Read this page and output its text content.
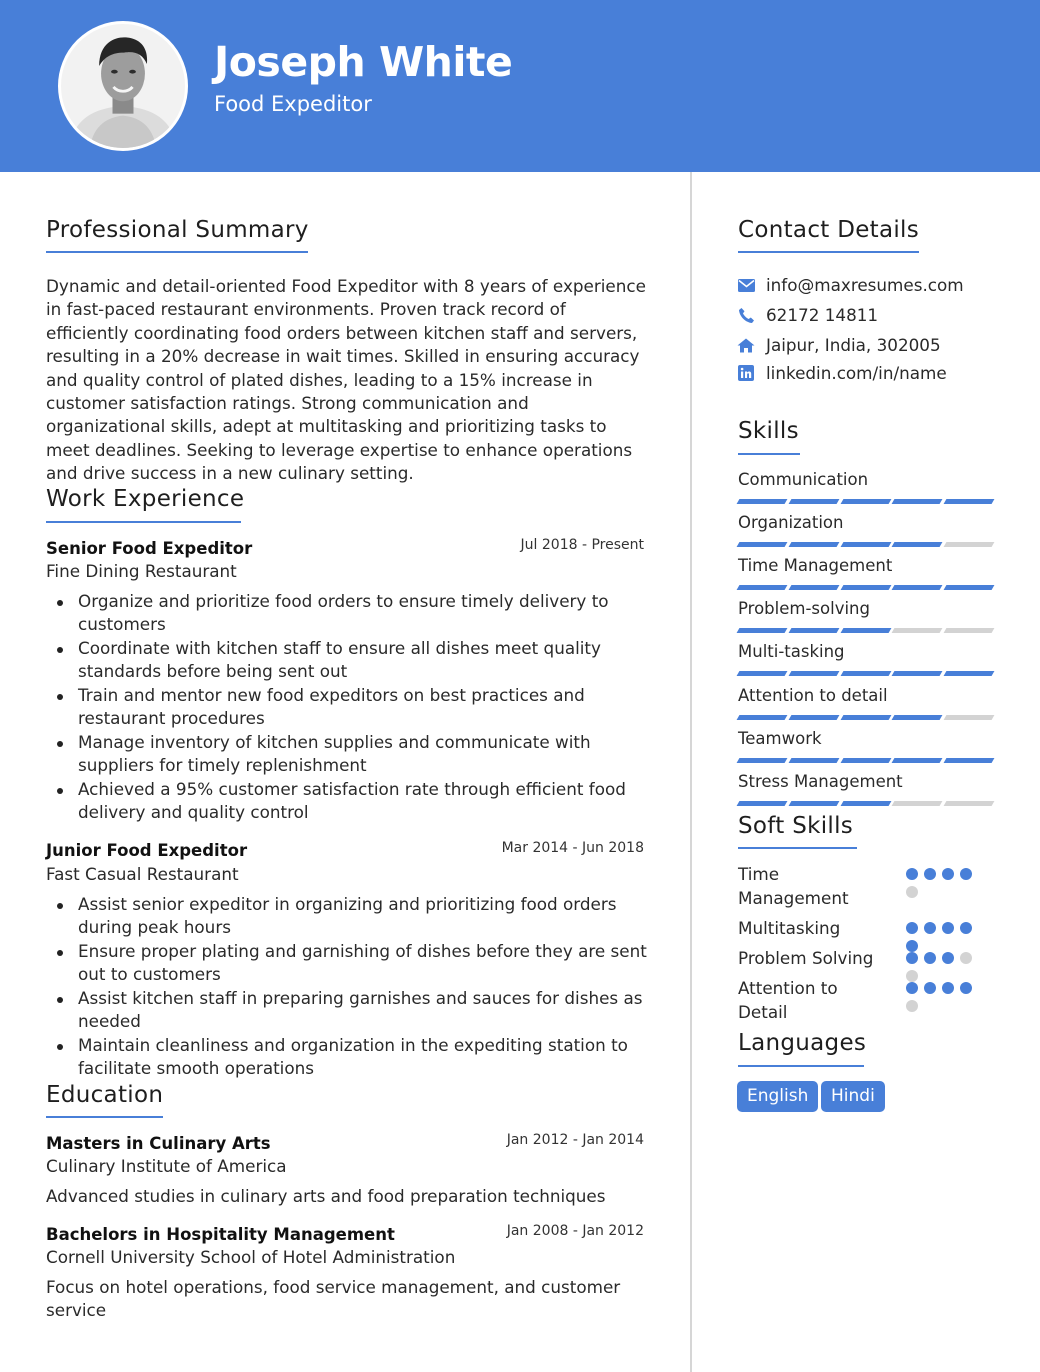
Joseph White
Food Expeditor
Professional Summary
Dynamic and detail-oriented Food Expeditor with 8 years of experience in fast-paced restaurant environments. Proven track record of efficiently coordinating food orders between kitchen staff and servers, resulting in a 20% decrease in wait times. Skilled in ensuring accuracy and quality control of plated dishes, leading to a 15% increase in customer satisfaction ratings. Strong communication and organizational skills, adept at multitasking and prioritizing tasks to meet deadlines. Seeking to leverage expertise to enhance operations and drive success in a new culinary setting.
Work Experience
Senior Food Expeditor	Jul 2018 - Present
Fine Dining Restaurant
Organize and prioritize food orders to ensure timely delivery to customers
Coordinate with kitchen staff to ensure all dishes meet quality standards before being sent out
Train and mentor new food expeditors on best practices and restaurant procedures
Manage inventory of kitchen supplies and communicate with suppliers for timely replenishment
Achieved a 95% customer satisfaction rate through efficient food delivery and quality control
Junior Food Expeditor	Mar 2014 - Jun 2018
Fast Casual Restaurant
Assist senior expeditor in organizing and prioritizing food orders during peak hours
Ensure proper plating and garnishing of dishes before they are sent out to customers
Assist kitchen staff in preparing garnishes and sauces for dishes as needed
Maintain cleanliness and organization in the expediting station to facilitate smooth operations
Education
Masters in Culinary Arts	Jan 2012 - Jan 2014
Culinary Institute of America
Advanced studies in culinary arts and food preparation techniques
Bachelors in Hospitality Management	Jan 2008 - Jan 2012
Cornell University School of Hotel Administration
Focus on hotel operations, food service management, and customer service
Contact Details
info@maxresumes.com
62172 14811
Jaipur, India, 302005
linkedin.com/in/name
Skills
Communication
Organization
Time Management
Problem-solving
Multi-tasking
Attention to detail
Teamwork
Stress Management
Soft Skills
Time Management
Multitasking
Problem Solving
Attention to Detail
Languages
English	Hindi
